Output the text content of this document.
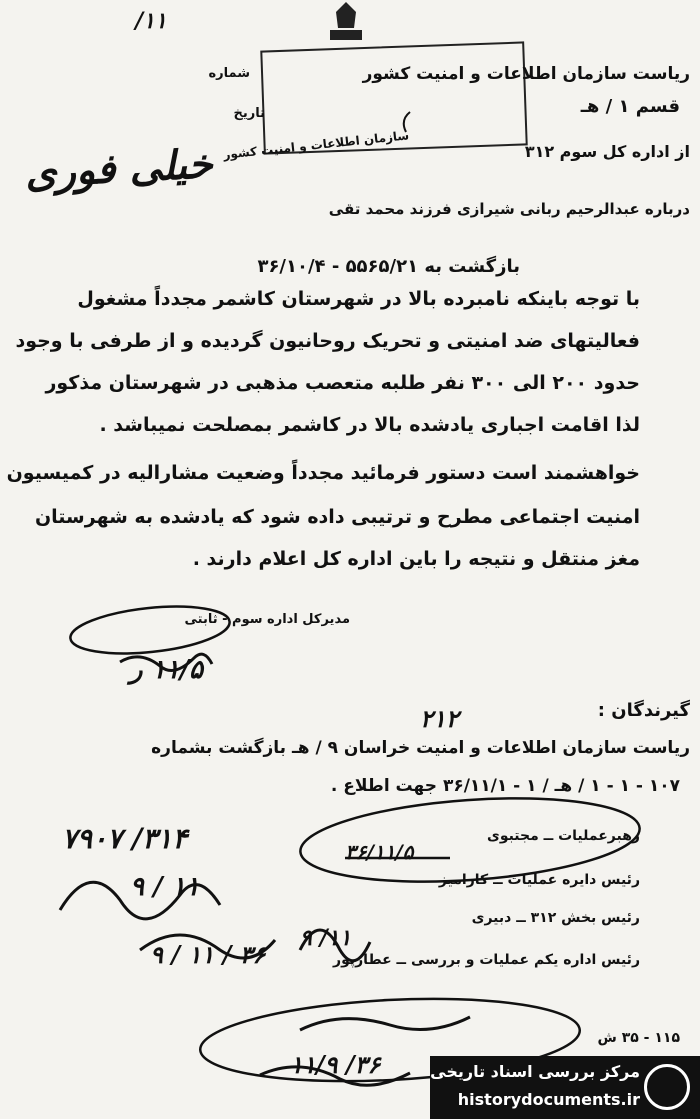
۱۱/
ریاست سازمان اطلاعات و امنیت کشور
شماره
قسم ۱ / هـ
تاریخ
سازمان اطلاعات و امنیت کشور	از اداره کل سوم ۳۱۲
خیلی فوری
درباره عبدالرحیم ربانی شیرازی فرزند محمد تقی
بازگشت به ۵۵۶۵/۲۱ - ۳۶/۱۰/۴
با توجه باینکه نامبرده بالا در شهرستان کاشمر مجدداً مشغول
فعالیتهای ضد امنیتی و تحریک روحانیون گردیده و از طرفی با وجود
حدود ۲۰۰ الی ۳۰۰ نفر طلبه متعصب مذهبی در شهرستان مذکور
لذا اقامت اجباری یادشده بالا در کاشمر بمصلحت نمیباشد .
خواهشمند است دستور فرمائید مجدداً وضعیت مشارالیه در کمیسیون
امنیت اجتماعی مطرح و ترتیبی داده شود که یادشده به شهرستان
مغز منتقل و نتیجه را باین اداره کل اعلام دارند .
مدیرکل اداره سوم - ثابتی
۱۱/۵ ر
گیرندگان :
۲۱۲
ریاست سازمان اطلاعات و امنیت خراسان ۹ / هـ بازگشت بشماره
۱۰۷ - ۱ - ۱ / هـ / ۱ - ۳۶/۱۱/۱ جهت اطلاع .
۷۹۰۷ /۳۱۴
۹ / ۱۱
۹ / ۱۱ / ۳۶
۳۶/۱۱/۵
۹ /۱۱
رهبرعملیات ــ مجتبوی
رئیس دایره عملیات ــ کارامیز
رئیس بخش ۳۱۲ ــ دبیری
رئیس اداره یکم عملیات و بررسی ــ عطارپور
۱۱/۹ /۳۶
۱۱۵ - ۳۵ ش
مرکز بررسی اسناد تاریخی
historydocuments.ir
